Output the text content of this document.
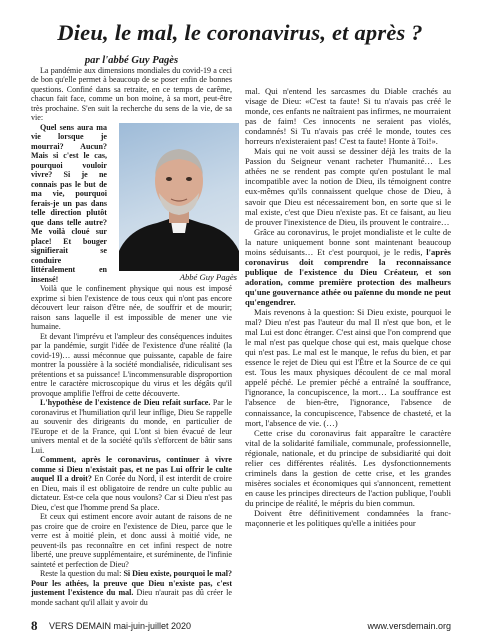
Dieu, le mal, le coronavirus, et après ?

par l'abbé Guy Pagès

La pandémie aux dimensions mondiales du covid-19 a ceci de bon qu'elle permet à beaucoup de se poser enfin de bonnes questions. Confiné dans sa retraite, en ce temps de carême, chacun fait face, comme un bon moine, à sa mort, peut-être très prochaine. S'en suit la recherche du sens de la vie, de sa vie:

Abbé Guy Pagès

Quel sens aura ma vie lorsque je mourrai? Aucun? Mais si c'est le cas, pourquoi vouloir vivre? Si je ne connais pas le but de ma vie, pourquoi ferais-je un pas dans telle direction plutôt que dans telle autre? Me voilà cloué sur place! Et bouger signifierait se conduire littéralement en insensé!

Voilà que le confinement physique qui nous est imposé exprime si bien l'existence de tous ceux qui n'ont pas encore découvert leur raison d'être née, de souffrir et de mourir; raison sans laquelle il est impossible de mener une vie humaine.

Et devant l'imprévu et l'ampleur des conséquences induites par la pandémie, surgit l'idée de l'existence d'une réalité (la covid-19)… aussi méconnue que puissante, capable de faire montrer la poussière à la société mondialisée, ridiculisant ses prétentions et sa puissance! L'incommensurable disproportion entre le caractère microscopique du virus et les dégâts qu'il provoque amplifie l'effroi de cette découverte.

L'hypothèse de l'existence de Dieu refait surface. Par le coronavirus et l'humiliation qu'il leur inflige, Dieu Se rappelle au souvenir des dirigeants du monde, en particulier de l'Europe et de la France, qui L'ont si bien évacué de leur univers mental et de la société qu'ils s'efforcent de bâtir sans Lui.

Comment, après le coronavirus, continuer à vivre comme si Dieu n'existait pas, et ne pas Lui offrir le culte auquel Il a droit? En Corée du Nord, il est interdit de croire en Dieu, mais il est obligatoire de rendre un culte public au dictateur. Est-ce cela que nous voulons? Car si Dieu n'est pas Dieu, c'est que l'homme prend Sa place.

Et ceux qui estiment encore avoir autant de raisons de ne pas croire que de croire en l'existence de Dieu, parce que le verre est à moitié plein, et donc aussi à moitié vide, ne peuvent-ils pas reconnaître en cet infini respect de notre liberté, une preuve supplémentaire, et suréminente, de l'infinie sainteté et perfection de Dieu?

Reste la question du mal: Si Dieu existe, pourquoi le mal? Pour les athées, la preuve que Dieu n'existe pas, c'est justement l'existence du mal. Dieu n'aurait pas dû créer le monde sachant qu'il allait y avoir du

mal. Qui n'entend les sarcasmes du Diable crachés au visage de Dieu: «C'est ta faute! Si tu n'avais pas créé le monde, ces enfants ne naîtraient pas infirmes, ne mourraient pas de faim! Ces innocents ne seraient pas violés, condamnés! Si Tu n'avais pas créé le monde, toutes ces horreurs n'existeraient pas! C'est ta faute! Honte à Toi!».

Mais qui ne voit aussi se dessiner déjà les traits de la Passion du Seigneur venant racheter l'humanité… Les athées ne se rendent pas compte qu'en postulant le mal incompatible avec la notion de Dieu, ils témoignent contre eux-mêmes qu'ils connaissent quelque chose de Dieu, à savoir que Dieu est nécessairement bon, en sorte que si le mal existe, c'est que Dieu n'existe pas. Et ce faisant, au lieu de prouver l'inexistence de Dieu, ils prouvent le contraire…

Grâce au coronavirus, le projet mondialiste et le culte de la nature uniquement bonne sont maintenant beaucoup moins séduisants… Et c'est pourquoi, je le redis, l'après coronavirus doit comprendre la reconnaissance publique de l'existence du Dieu Créateur, et son adoration, comme première protection des malheurs qu'une gouvernance athée ou païenne du monde ne peut qu'engendrer.

Mais revenons à la question: Si Dieu existe, pourquoi le mal? Dieu n'est pas l'auteur du mal Il n'est que bon, et le mal Lui est donc étranger. C'est ainsi que l'on comprend que le mal n'est pas quelque chose qui est, mais quelque chose qui n'est pas. Le mal est le manque, le refus du bien, et par essence le rejet de Dieu qui est l'Être et la Source de ce qui est. Tous les maux physiques découlent de ce mal moral appelé péché. Le premier péché a entraîné la souffrance, l'ignorance, la concupiscence, la mort… La souffrance est l'absence de bien-être, l'ignorance, l'absence de connaissance, la concupiscence, l'absence de chasteté, et la mort, l'absence de vie. (…)

Cette crise du coronavirus fait apparaître le caractère vital de la solidarité familiale, communale, professionnelle, régionale, nationale, et du principe de subsidiarité qui doit relier ces différentes réalités. Les dysfonctionnements criminels dans la gestion de cette crise, et les grandes misères sociales et économiques qui s'annoncent, remettent en cause les principes directeurs de l'action publique, l'oubli du principe de réalité, le mépris du bien commun.

Doivent être définitivement condamnées la franc-maçonnerie et les politiques qu'elle a initiées pour

8 VERS DEMAIN mai-juin-juillet 2020	www.versdemain.org
